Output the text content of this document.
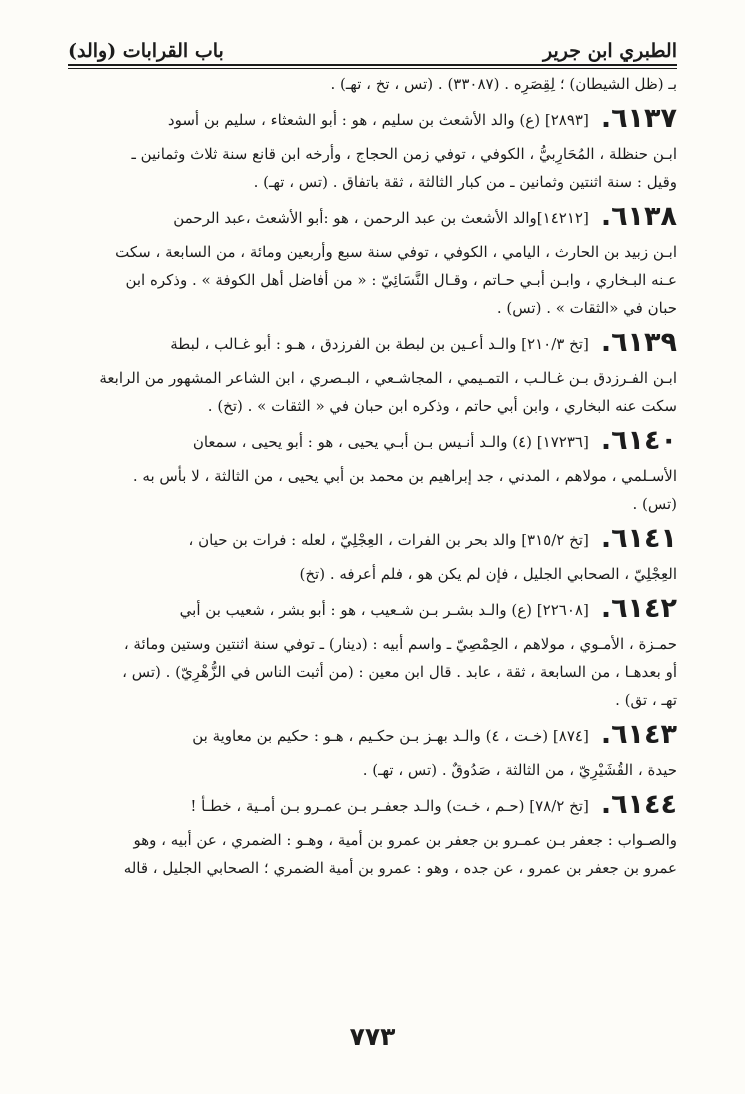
الطبري ابن جرير
باب القرابات (والد)
بـ (ظل الشيطان) ؛ لِقِصَرِه . (٣٣٠٨٧) . (تس ، تخ ، تهـ) .
٦١٣٧.[٢٨٩٣] (ع) والد الأشعث بن سليم ، هو : أبو الشعثاء ، سليم بن أسود
ابـن حنظلة ، المُحَارِبيُّ ، الكوفي ، توفي زمن الحجاج ، وأرخه ابن قانع سنة ثلاث وثمانين ـ
وقيل : سنة اثنتين وثمانين ـ من كبار الثالثة ، ثقة باتفاق . (تس ، تهـ) .
٦١٣٨.[١٤٢١٢]والد الأشعث بن عبد الرحمن ، هو :أبو الأشعث ،عبد الرحمن
ابـن زبيد بن الحارث ، اليامي ، الكوفي ، توفي سنة سبع وأربعين ومائة ، من السابعة ، سكت
عـنه البـخاري ، وابـن أبـي حـاتم ، وقـال النَّسَائِيّ : « من أفاضل أهل الكوفة » . وذكره ابن
حبان في «الثقات » . (تس) .
٦١٣٩.[تخ ٢١٠/٣] والـد أعـين بن لبطة بن الفرزدق ، هـو : أبو غـالب ، لبطة
ابـن الفـرزدق بـن غـالـب ، التمـيمي ، المجاشـعي ، البـصري ، ابن الشاعر المشهور من الرابعة
سكت عنه البخاري ، وابن أبي حاتم ، وذكره ابن حبان في « الثقات » . (تخ) .
٦١٤٠.[١٧٢٣٦] (٤) والـد أنـيس بـن أبـي يحيى ، هو : أبو يحيى ، سمعان
الأسـلمي ، مولاهم ، المدني ، جد إبراهيم بن محمد بن أبي يحيى ، من الثالثة ، لا بأس به .
(تس) .
٦١٤١.[تخ ٣١٥/٢] والد بحر بن الفرات ، العِجْلِيّ ، لعله : فرات بن حيان ،
العِجْلِيّ ، الصحابي الجليل ، فإن لم يكن هو ، فلم أعرفه . (تخ)
٦١٤٢.[٢٢٦٠٨] (ع) والـد بشـر بـن شـعيب ، هو : أبو بشر ، شعيب بن أبي
حمـزة ، الأمـوي ، مولاهم ، الحِمْصِيّ ـ واسم أبيه : (دينار) ـ توفي سنة اثنتين وستين ومائة ،
أو بعدهـا ، من السابعة ، ثقة ، عابد . قال ابن معين : (من أثبت الناس في الزُّهْرِيّ) . (تس ،
تهـ ، تق) .
٦١٤٣.[٨٧٤] (خـت ، ٤) والـد بهـز بـن حكـيم ، هـو : حكيم بن معاوية بن
حيدة ، القُشَيْرِيّ ، من الثالثة ، صَدُوقٌ . (تس ، تهـ) .
٦١٤٤.[تخ ٧٨/٢] (حـم ، خـت) والـد جعفـر بـن عمـرو بـن أمـية ، خطـأ !
والصـواب : جعفر بـن عمـرو بن جعفر بن عمرو بن أمية ، وهـو : الضمري ، عن أبيه ، وهو
عمرو بن جعفر بن عمرو ، عن جده ، وهو : عمرو بن أمية الضمري ؛ الصحابي الجليل ، قاله
٧٧٣
